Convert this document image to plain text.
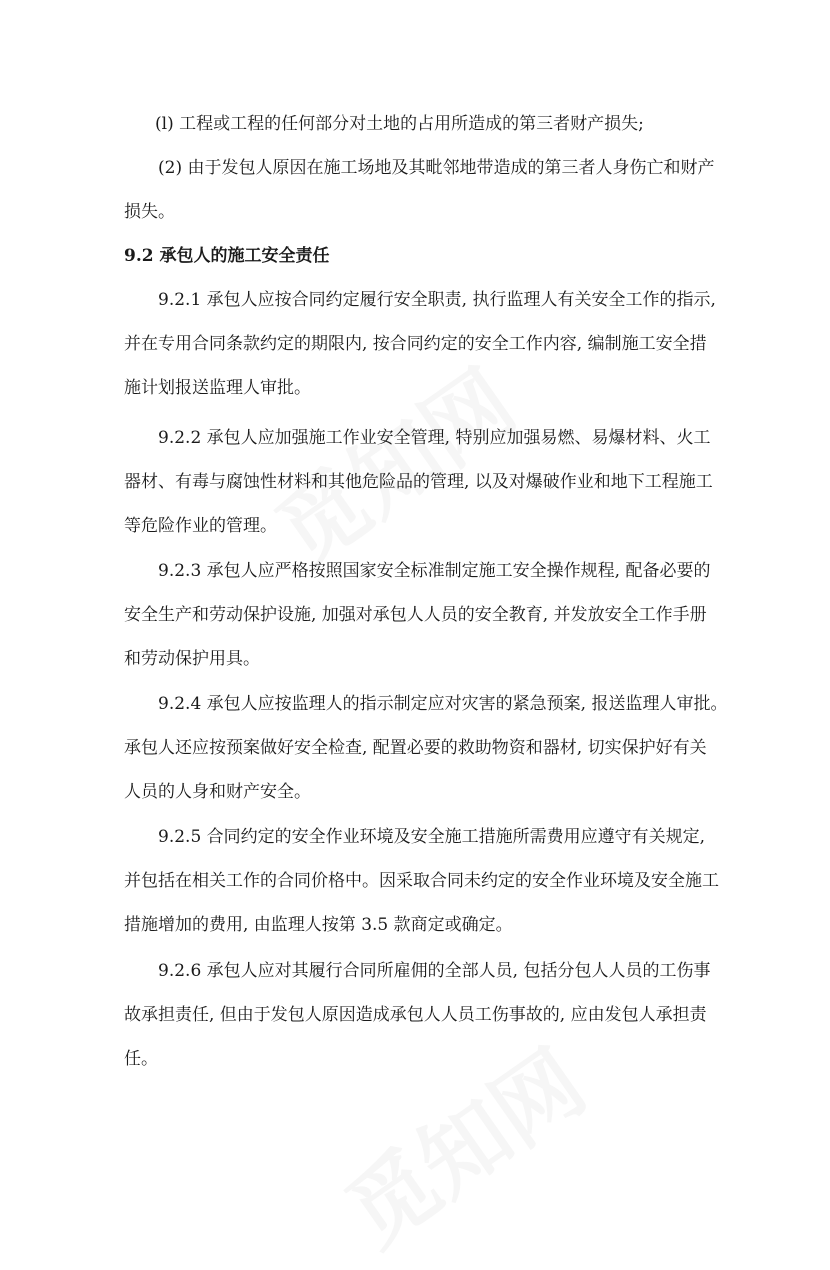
(l) 工程或工程的任何部分对土地的占用所造成的第三者财产损失;
(2) 由于发包人原因在施工场地及其毗邻地带造成的第三者人身伤亡和财产
损失。
9.2 承包人的施工安全责任
9.2.1 承包人应按合同约定履行安全职责, 执行监理人有关安全工作的指示,
并在专用合同条款约定的期限内, 按合同约定的安全工作内容, 编制施工安全措
施计划报送监理人审批。
9.2.2 承包人应加强施工作业安全管理, 特别应加强易燃、易爆材料、火工
器材、有毒与腐蚀性材料和其他危险品的管理, 以及对爆破作业和地下工程施工
等危险作业的管理。
9.2.3 承包人应严格按照国家安全标准制定施工安全操作规程, 配备必要的
安全生产和劳动保护设施, 加强对承包人人员的安全教育, 并发放安全工作手册
和劳动保护用具。
9.2.4 承包人应按监理人的指示制定应对灾害的紧急预案, 报送监理人审批。
承包人还应按预案做好安全检查, 配置必要的救助物资和器材, 切实保护好有关
人员的人身和财产安全。
9.2.5 合同约定的安全作业环境及安全施工措施所需费用应遵守有关规定,
并包括在相关工作的合同价格中。因采取合同未约定的安全作业环境及安全施工
措施增加的费用, 由监理人按第 3.5 款商定或确定。
9.2.6 承包人应对其履行合同所雇佣的全部人员, 包括分包人人员的工伤事
故承担责任, 但由于发包人原因造成承包人人员工伤事故的, 应由发包人承担责
任。
